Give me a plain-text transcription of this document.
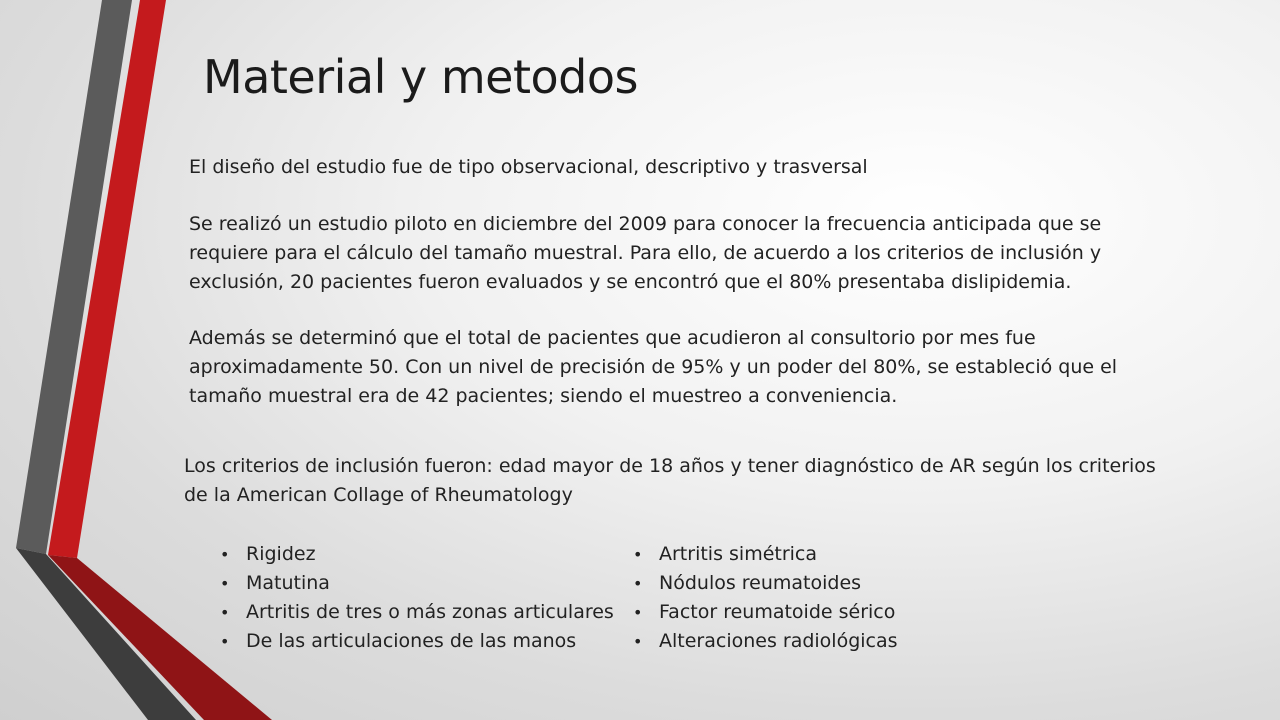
Material y metodos
El diseño del estudio fue de tipo observacional, descriptivo y trasversal
Se realizó un estudio piloto en diciembre del 2009 para conocer la frecuencia anticipada que se requiere para el cálculo del tamaño muestral. Para ello, de acuerdo a los criterios de inclusión y exclusión, 20 pacientes fueron evaluados y se encontró que el 80% presentaba dislipidemia.
Además se determinó que el total de pacientes que acudieron al consultorio por mes fue aproximadamente 50. Con un nivel de precisión de 95% y un poder del 80%, se estableció que el tamaño muestral era de 42 pacientes; siendo el muestreo a conveniencia.
Los criterios de inclusión fueron: edad mayor de 18 años y tener diagnóstico de AR según los criterios de la American Collage of Rheumatology
• Rigidez
• Matutina
• Artritis de tres o más zonas articulares
• De las articulaciones de las manos
• Artritis simétrica
• Nódulos reumatoides
• Factor reumatoide sérico
• Alteraciones radiológicas
